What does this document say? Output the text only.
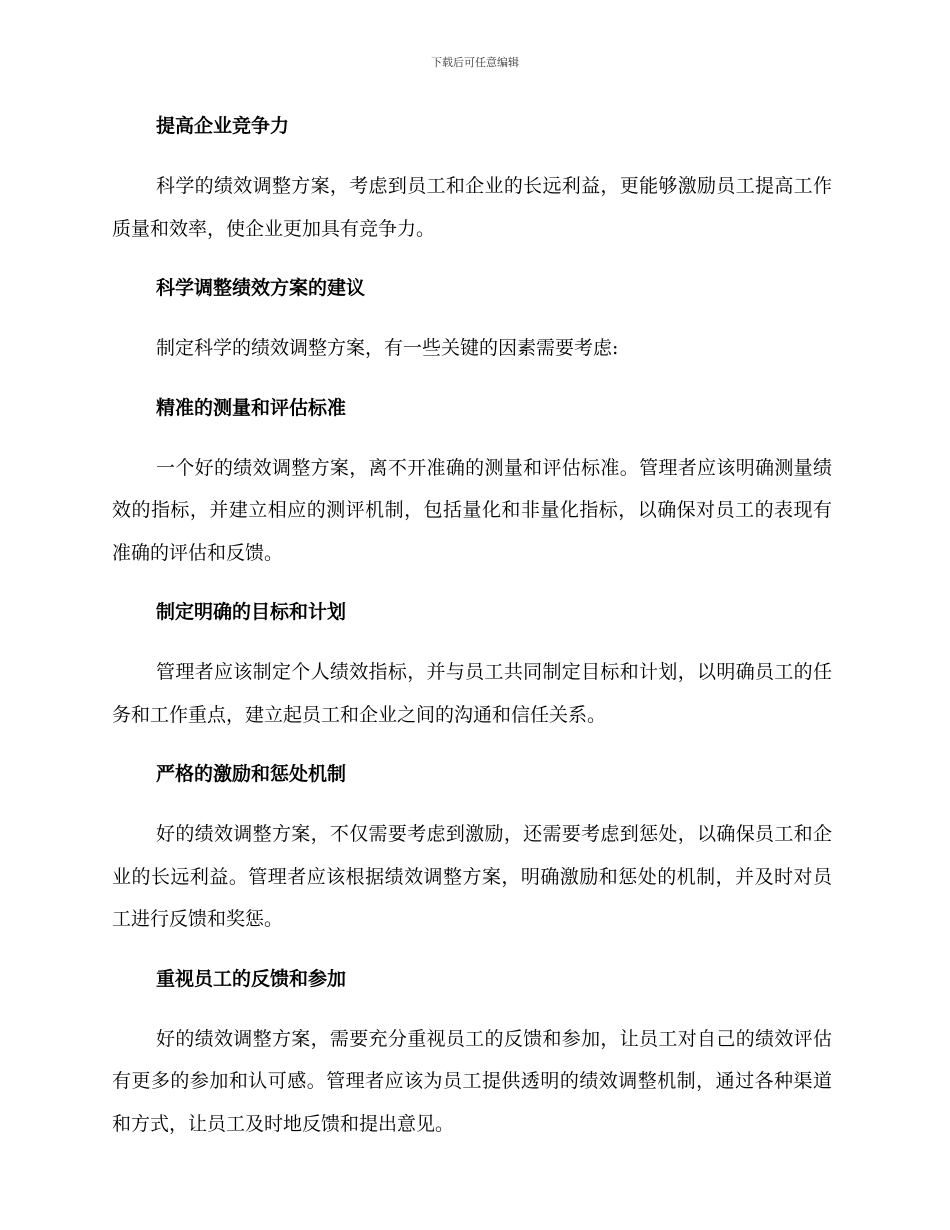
下载后可任意编辑
提高企业竞争力

科学的绩效调整方案，考虑到员工和企业的长远利益，更能够激励员工提高工作质量和效率，使企业更加具有竞争力。

科学调整绩效方案的建议

制定科学的绩效调整方案，有一些关键的因素需要考虑:

精准的测量和评估标准

一个好的绩效调整方案，离不开准确的测量和评估标准。管理者应该明确测量绩效的指标，并建立相应的测评机制，包括量化和非量化指标，以确保对员工的表现有准确的评估和反馈。

制定明确的目标和计划

管理者应该制定个人绩效指标，并与员工共同制定目标和计划，以明确员工的任务和工作重点，建立起员工和企业之间的沟通和信任关系。

严格的激励和惩处机制

好的绩效调整方案，不仅需要考虑到激励，还需要考虑到惩处，以确保员工和企业的长远利益。管理者应该根据绩效调整方案，明确激励和惩处的机制，并及时对员工进行反馈和奖惩。

重视员工的反馈和参加

好的绩效调整方案，需要充分重视员工的反馈和参加，让员工对自己的绩效评估有更多的参加和认可感。管理者应该为员工提供透明的绩效调整机制，通过各种渠道和方式，让员工及时地反馈和提出意见。
